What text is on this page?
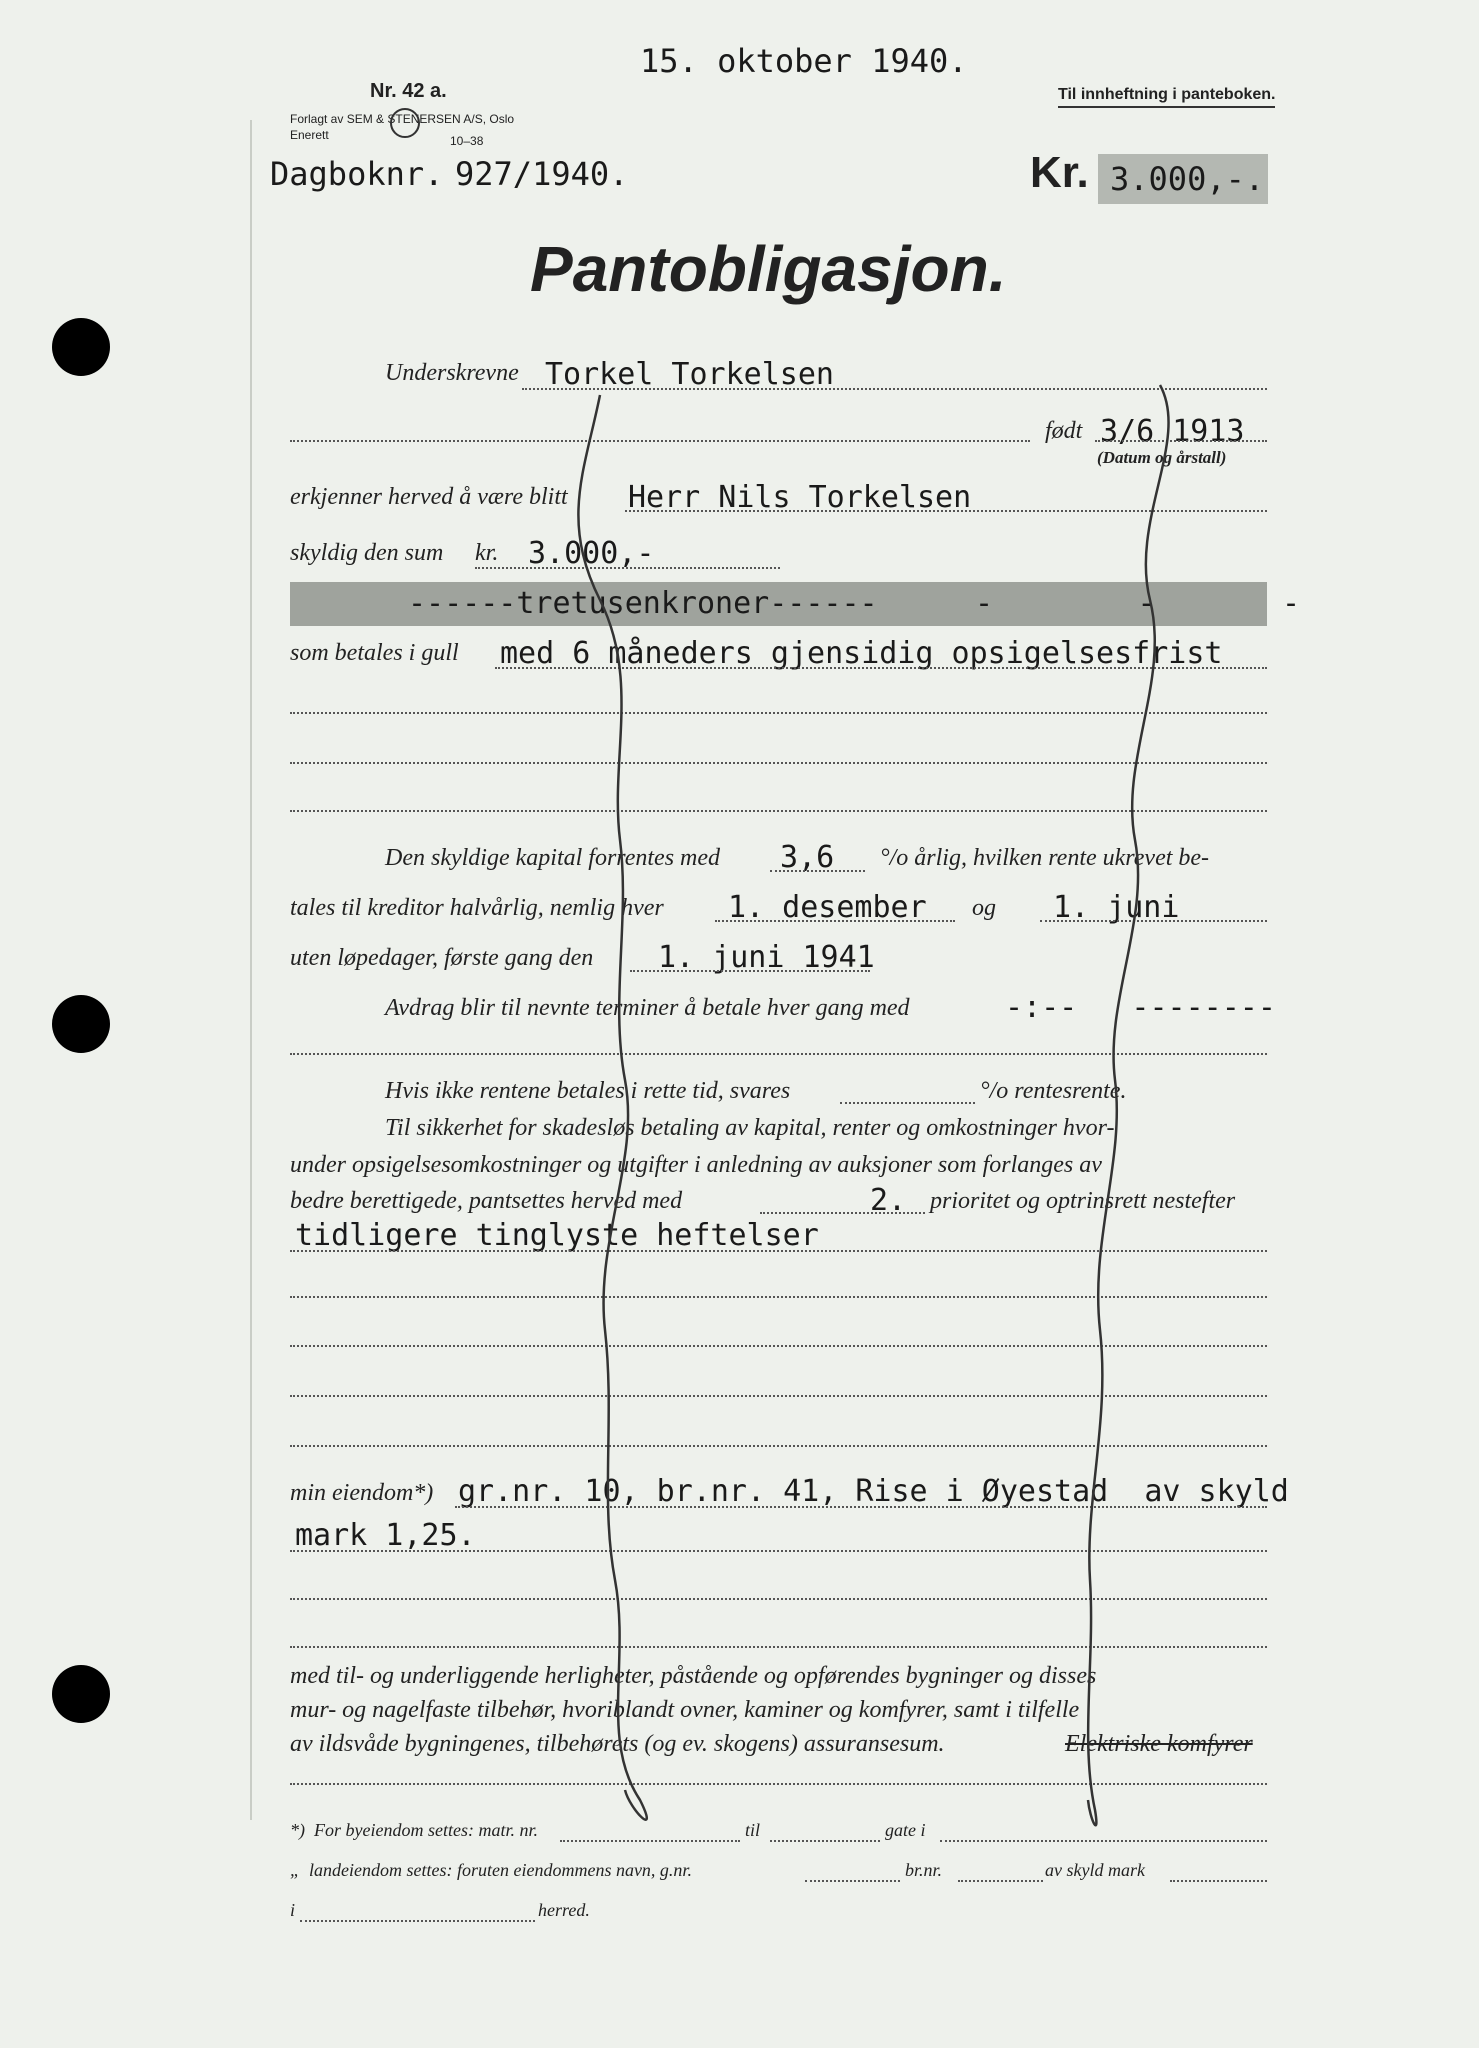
15. oktober 1940.
Nr. 42 a.
Forlagt av SEM & STENERSEN A/S, Oslo
Enerett	10–38
Til innheftning i panteboken.
Dagboknr. 927/1940.	Kr. 3.000,-.
Pantobligasjon.
Underskrevne Torkel Torkelsen
født 3/6 1913
(Datum og årstall)
erkjenner herved å være blitt Herr Nils Torkelsen
skyldig den sum kr. 3.000,-
------tretusenkroner------	-        -       -
som betales i gull med 6 måneders gjensidig opsigelsesfrist
Den skyldige kapital forrentes med 3,6 °/o årlig, hvilken rente ukrevet be-
tales til kreditor halvårlig, nemlig hver 1. desember og 1. juni
uten løpedager, første gang den 1. juni 1941
Avdrag blir til nevnte terminer å betale hver gang med	-:--   --------
Hvis ikke rentene betales i rette tid, svares	°/o rentesrente.
Til sikkerhet for skadesløs betaling av kapital, renter og omkostninger hvor-
under opsigelsesomkostninger og utgifter i anledning av auksjoner som forlanges av
bedre berettigede, pantsettes herved med	2. prioritet og optrinsrett nestefter
tidligere tinglyste heftelser
min eiendom*) gr.nr. 10, br.nr. 41, Rise i Øyestad  av skyld
mark 1,25.
med til- og underliggende herligheter, påstående og opførendes bygninger og disses
mur- og nagelfaste tilbehør, hvoriblandt ovner, kaminer og komfyrer, samt i tilfelle
av ildsvåde bygningenes, tilbehørets (og ev. skogens) assuransesum.	Elektriske komfyrer
*)  For byeiendom settes: matr. nr.	til	gate i
„  landeiendom settes: foruten eiendommens navn, g.nr.	br.nr.	av skyld mark
i	herred.
